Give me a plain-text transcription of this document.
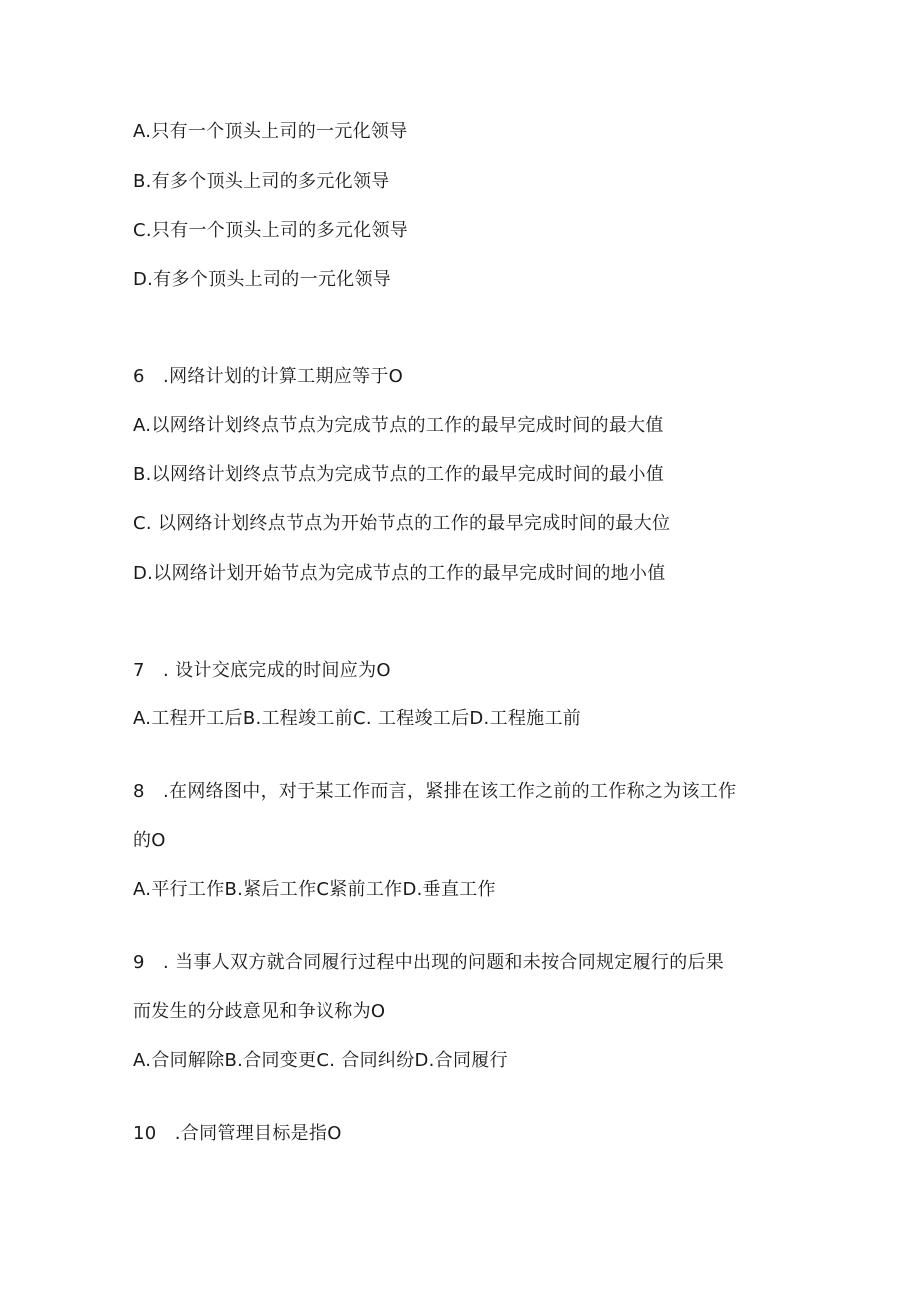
A.只有一个顶头上司的一元化领导
B.有多个顶头上司的多元化领导
C.只有一个顶头上司的多元化领导
D.有多个顶头上司的一元化领导
6　.网络计划的计算工期应等于O
A.以网络计划终点节点为完成节点的工作的最早完成时间的最大值
B.以网络计划终点节点为完成节点的工作的最早完成时间的最小值
C. 以网络计划终点节点为开始节点的工作的最早完成时间的最大位
D.以网络计划开始节点为完成节点的工作的最早完成时间的地小值
7　. 设计交底完成的时间应为O
A.工程开工后B.工程竣工前C. 工程竣工后D.工程施工前
8　.在网络图中，对于某工作而言，紧排在该工作之前的工作称之为该工作
的O
A.平行工作B.紧后工作C紧前工作D.垂直工作
9　. 当事人双方就合同履行过程中出现的问题和未按合同规定履行的后果
而发生的分歧意见和争议称为O
A.合同解除B.合同变更C. 合同纠纷D.合同履行
10　.合同管理目标是指O
